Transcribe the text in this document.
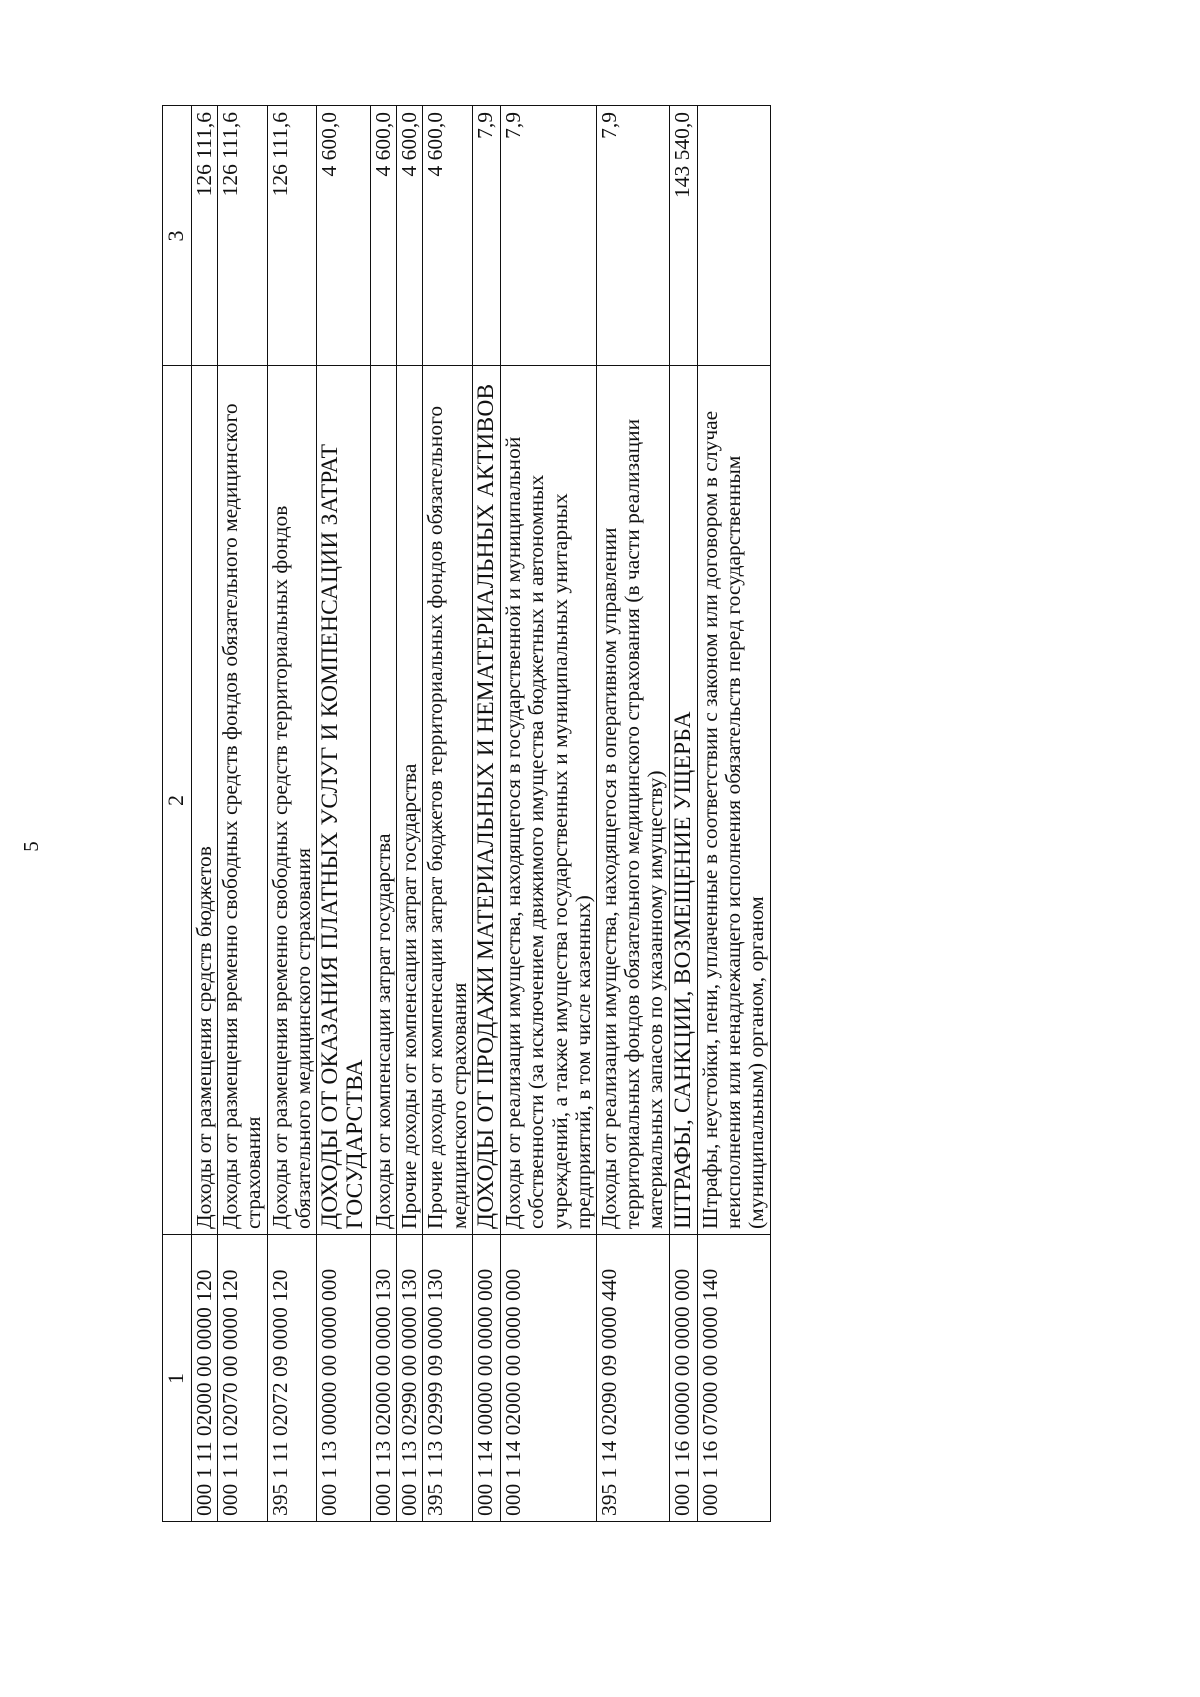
5
1	2	3
000 1 11 02000 00 0000 120	Доходы от размещения средств бюджетов	126 111,6
000 1 11 02070 00 0000 120	Доходы от размещения временно свободных средств фондов обязательного медицинского страхования	126 111,6
395 1 11 02072 09 0000 120	Доходы от размещения временно свободных средств территориальных фондов обязательного медицинского страхования	126 111,6
000 1 13 00000 00 0000 000	ДОХОДЫ ОТ ОКАЗАНИЯ ПЛАТНЫХ УСЛУГ И КОМПЕНСАЦИИ ЗАТРАТ ГОСУДАРСТВА	4 600,0
000 1 13 02000 00 0000 130	Доходы от компенсации затрат государства	4 600,0
000 1 13 02990 00 0000 130	Прочие доходы от компенсации затрат государства	4 600,0
395 1 13 02999 09 0000 130	Прочие доходы от компенсации затрат бюджетов территориальных фондов обязательного медицинского страхования	4 600,0
000 1 14 00000 00 0000 000	ДОХОДЫ ОТ ПРОДАЖИ МАТЕРИАЛЬНЫХ И НЕМАТЕРИАЛЬНЫХ АКТИВОВ	7,9
000 1 14 02000 00 0000 000	Доходы от реализации имущества, находящегося в государственной и муниципальной собственности (за исключением движимого имущества бюджетных и автономных учреждений, а также имущества государственных и муниципальных унитарных предприятий, в том числе казенных)	7,9
395 1 14 02090 09 0000 440	Доходы от реализации имущества, находящегося в оперативном управлении территориальных фондов обязательного медицинского страхования (в части реализации материальных запасов по указанному имуществу)	7,9
000 1 16 00000 00 0000 000	ШТРАФЫ, САНКЦИИ, ВОЗМЕЩЕНИЕ УЩЕРБА	143 540,0
000 1 16 07000 00 0000 140	Штрафы, неустойки, пени, уплаченные в соответствии с законом или договором в случае неисполнения или ненадлежащего исполнения обязательств перед государственным (муниципальным) органом, органом	
